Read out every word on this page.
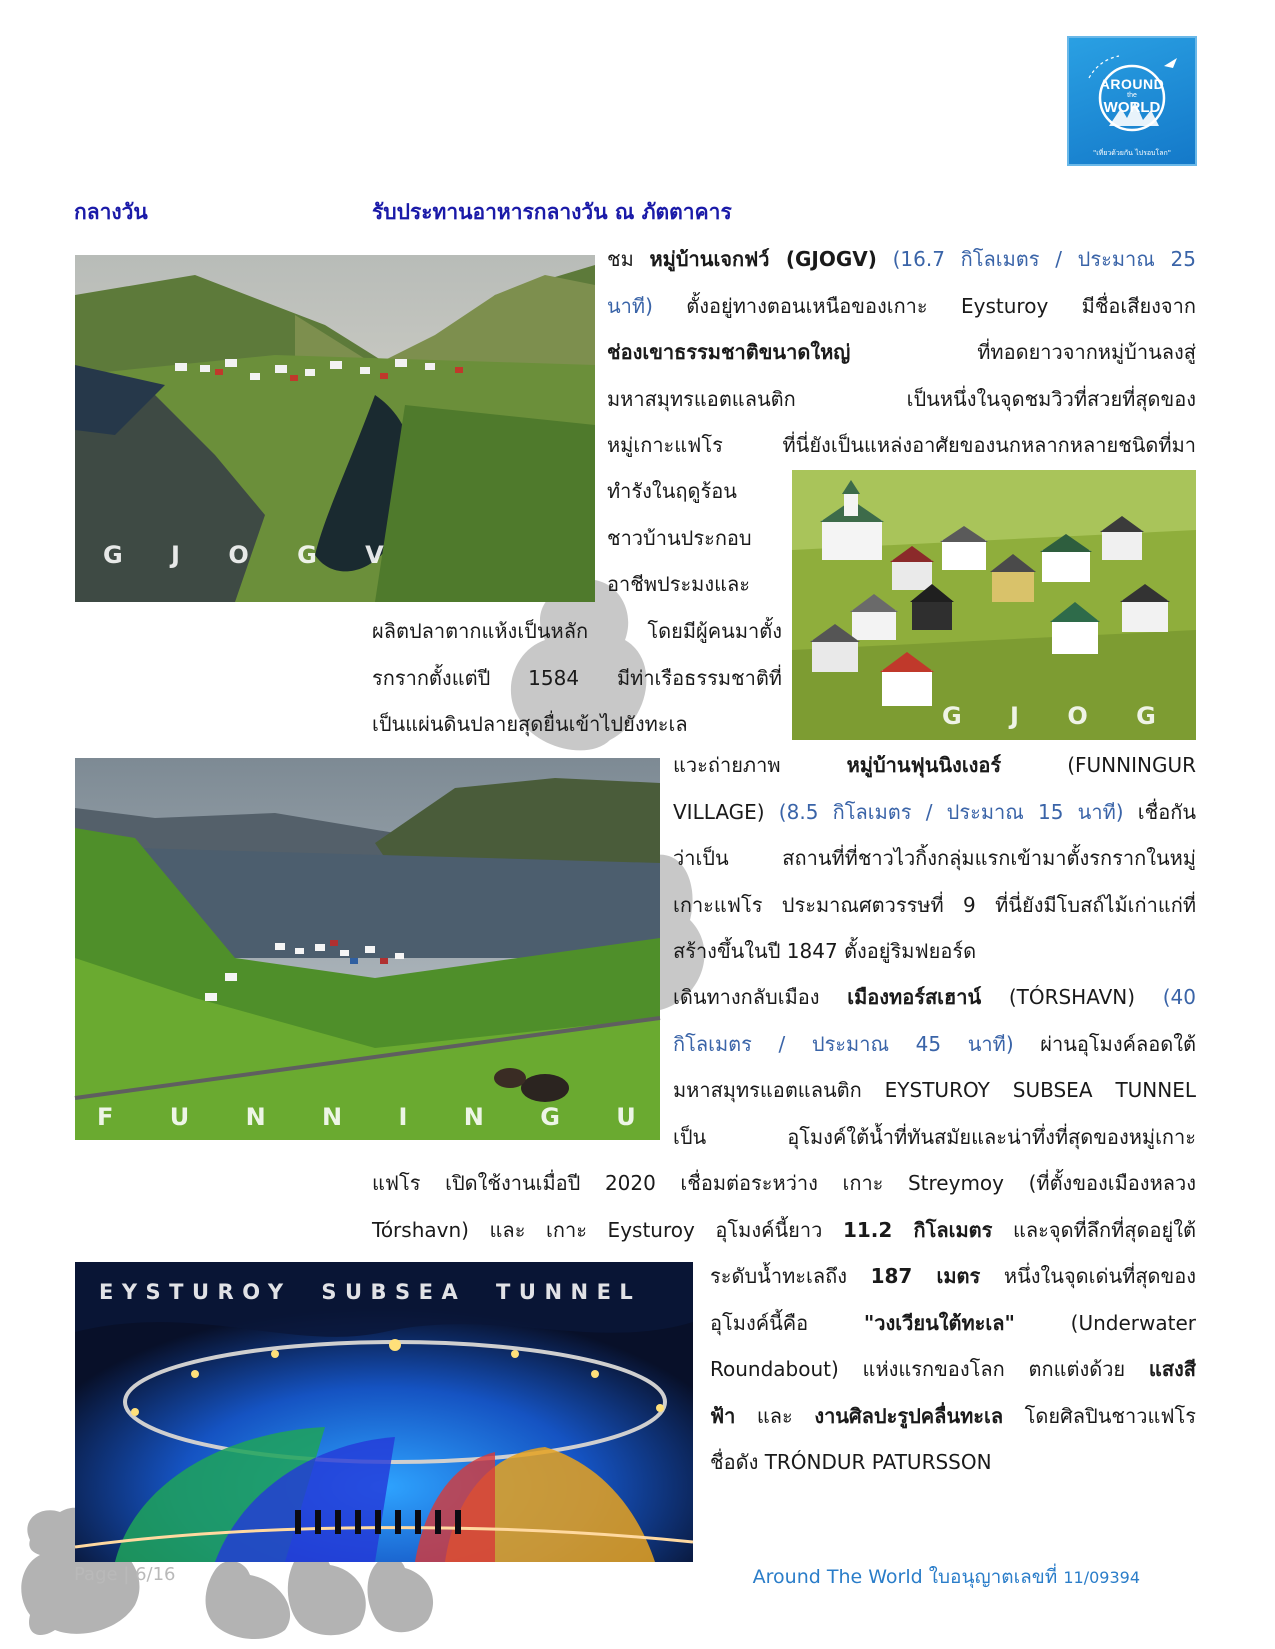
AROUND
the
WORLD
"เที่ยวด้วยกัน ไปรอบโลก"
กลางวัน	รับประทานอาหารกลางวัน ณ ภัตตาคาร
G J O G V
G J O G V
F U N N I N G U R
EYSTUROY SUBSEA TUNNEL
ชม หมู่บ้านเจกฟว์ (GJOGV) (16.7 กิโลเมตร / ประมาณ 25
นาที) ตั้งอยู่ทางตอนเหนือของเกาะ Eysturoy มีชื่อเสียงจาก
ช่องเขาธรรมชาติขนาดใหญ่ ที่ทอดยาวจากหมู่บ้านลงสู่
มหาสมุทรแอตแลนติก เป็นหนึ่งในจุดชมวิวที่สวยที่สุดของ
หมู่เกาะแฟโร ที่นี่ยังเป็นแหล่งอาศัยของนกหลากหลายชนิดที่มา
ทำรังในฤดูร้อน
ชาวบ้านประกอบ
อาชีพประมงและ
ผลิตปลาตากแห้งเป็นหลัก โดยมีผู้คนมาตั้ง
รกรากตั้งแต่ปี 1584 มีท่าเรือธรรมชาติที่
เป็นแผ่นดินปลายสุดยื่นเข้าไปยังทะเล
แวะถ่ายภาพ หมู่บ้านฟุนนิงเงอร์ (FUNNINGUR
VILLAGE) (8.5 กิโลเมตร / ประมาณ 15 นาที) เชื่อกัน
ว่าเป็น สถานที่ที่ชาวไวกิ้งกลุ่มแรกเข้ามาตั้งรกรากในหมู่
เกาะแฟโร ประมาณศตวรรษที่ 9 ที่นี่ยังมีโบสถ์ไม้เก่าแก่ที่
สร้างขึ้นในปี 1847 ตั้งอยู่ริมฟยอร์ด
เดินทางกลับเมือง เมืองทอร์สเฮาน์ (TÓRSHAVN) (40
กิโลเมตร / ประมาณ 45 นาที) ผ่านอุโมงค์ลอดใต้
มหาสมุทรแอตแลนติก EYSTUROY SUBSEA TUNNEL
เป็น อุโมงค์ใต้น้ำที่ทันสมัยและน่าทึ่งที่สุดของหมู่เกาะ
แฟโร เปิดใช้งานเมื่อปี 2020 เชื่อมต่อระหว่าง เกาะ Streymoy (ที่ตั้งของเมืองหลวง
Tórshavn) และ เกาะ Eysturoy อุโมงค์นี้ยาว 11.2 กิโลเมตร และจุดที่ลึกที่สุดอยู่ใต้
ระดับน้ำทะเลถึง 187 เมตร หนึ่งในจุดเด่นที่สุดของ
อุโมงค์นี้คือ "วงเวียนใต้ทะเล" (Underwater
Roundabout) แห่งแรกของโลก ตกแต่งด้วย แสงสี
ฟ้า และ งานศิลปะรูปคลื่นทะเล โดยศิลปินชาวแฟโร
ชื่อดัง TRÓNDUR PATURSSON
Page | 6/16	Around The World ใบอนุญาตเลขที่ 11/09394
